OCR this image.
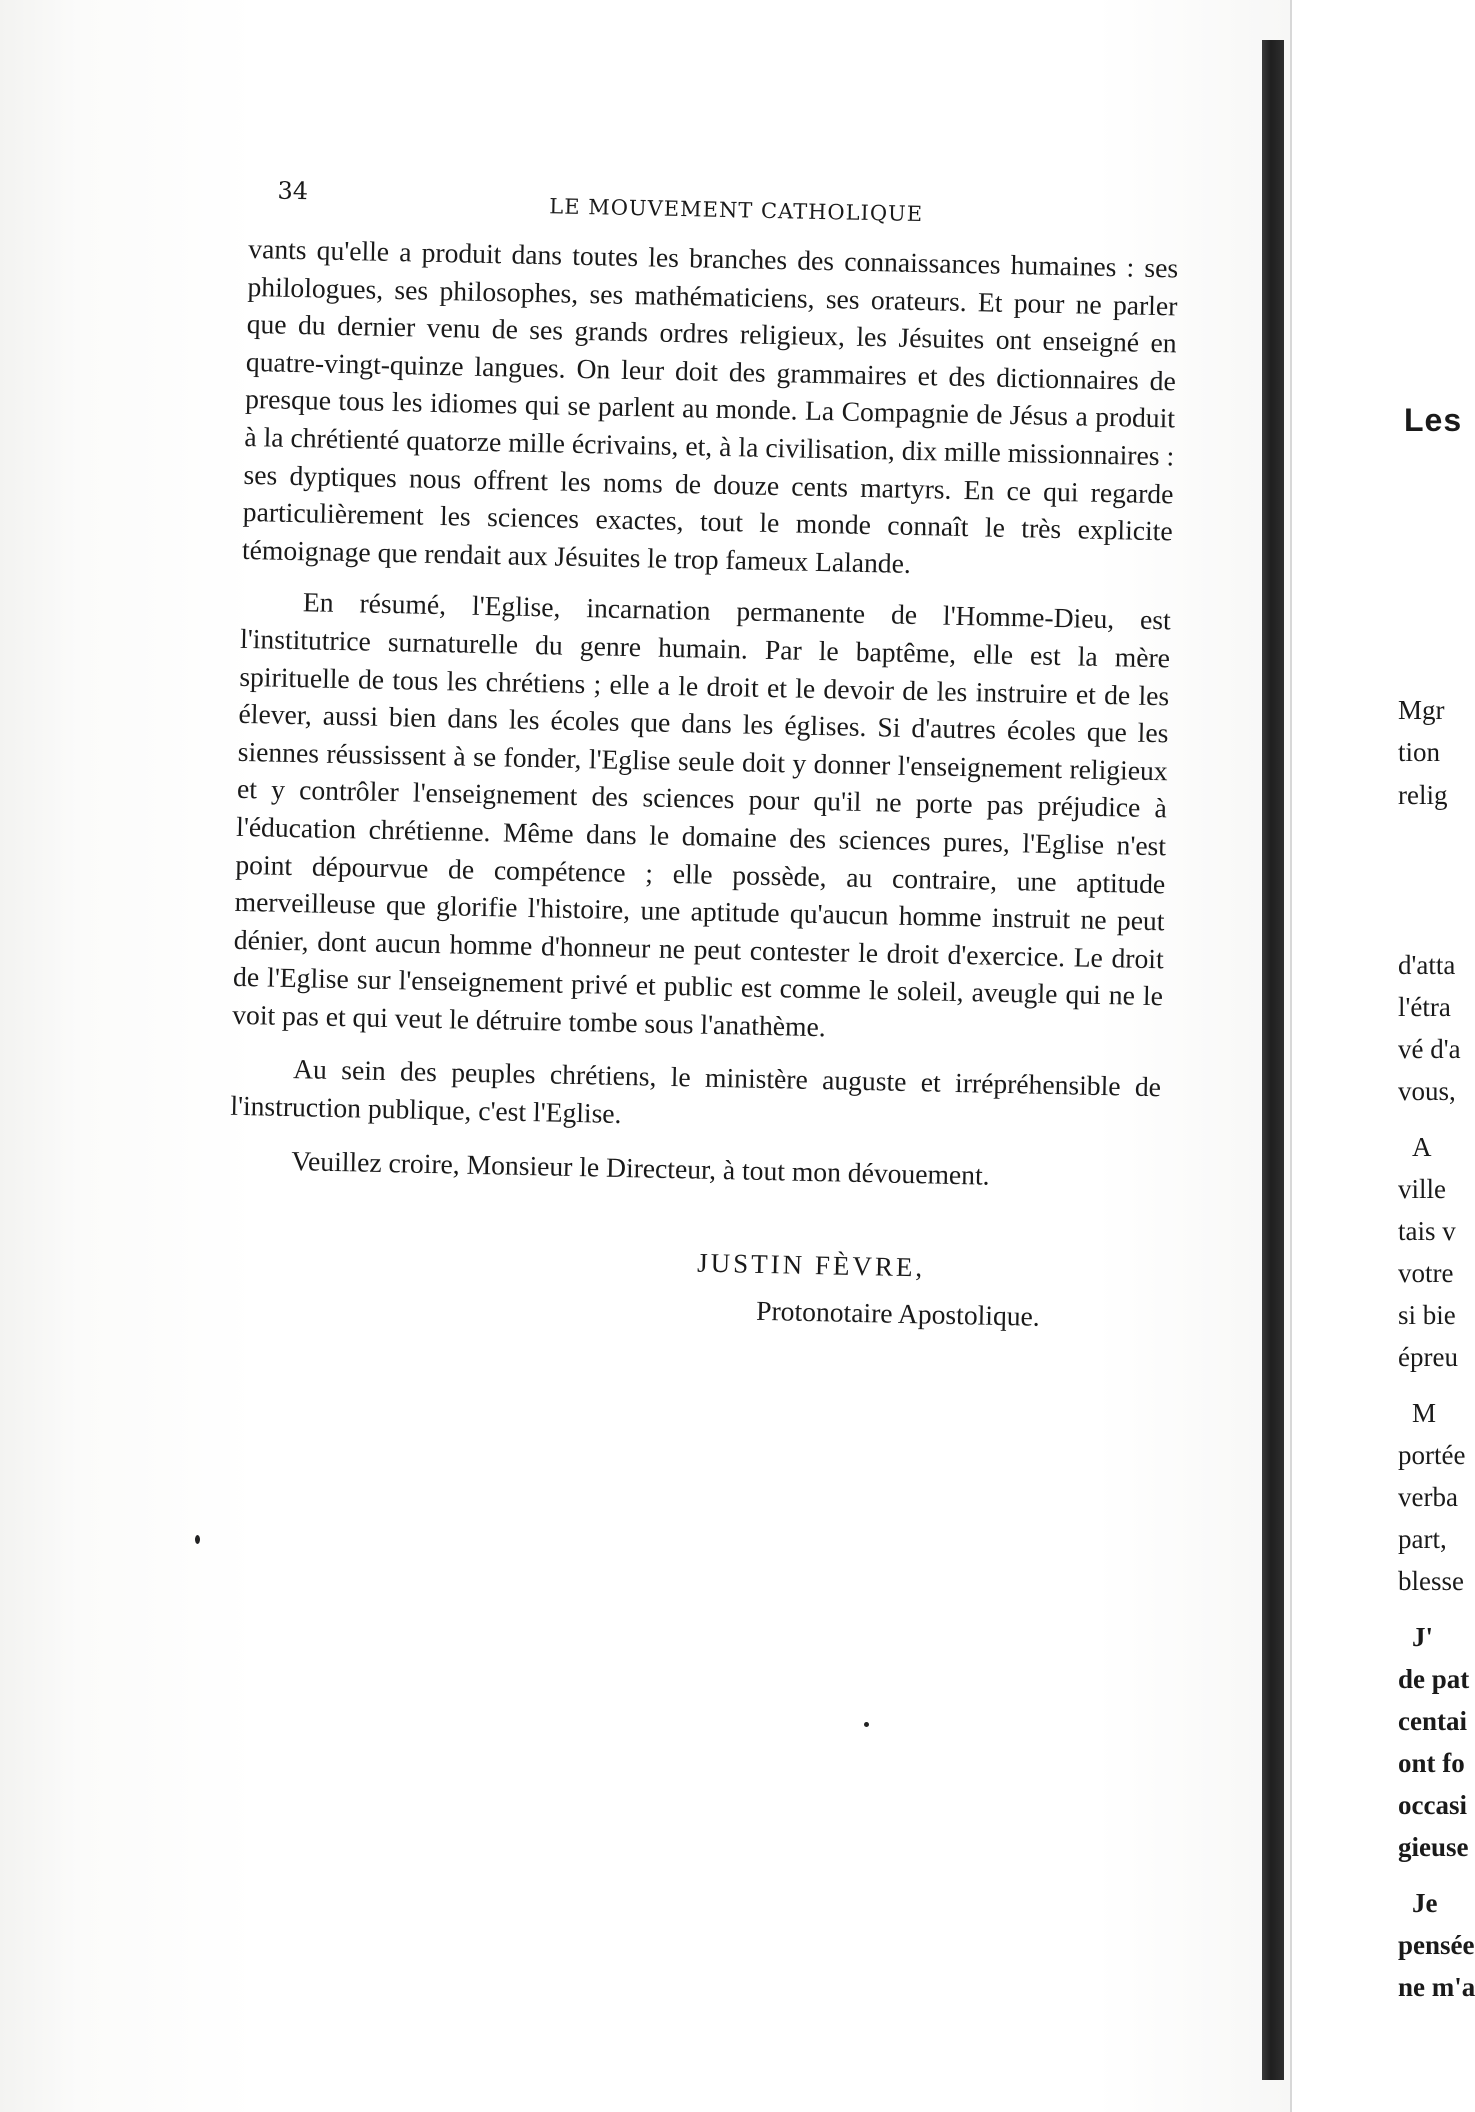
34
LE MOUVEMENT CATHOLIQUE

vants qu'elle a produit dans toutes les branches des connaissances humaines : ses philologues, ses philosophes, ses mathématiciens, ses orateurs. Et pour ne parler que du dernier venu de ses grands ordres religieux, les Jésuites ont enseigné en quatre-vingt-quinze langues. On leur doit des grammaires et des dictionnaires de presque tous les idiomes qui se parlent au monde. La Compagnie de Jésus a produit à la chrétienté quatorze mille écrivains, et, à la civilisation, dix mille missionnaires : ses dyptiques nous offrent les noms de douze cents martyrs. En ce qui regarde particulièrement les sciences exactes, tout le monde connaît le très explicite témoignage que rendait aux Jésuites le trop fameux Lalande.

En résumé, l'Eglise, incarnation permanente de l'Homme-Dieu, est l'institutrice surnaturelle du genre humain. Par le baptême, elle est la mère spirituelle de tous les chrétiens ; elle a le droit et le devoir de les instruire et de les élever, aussi bien dans les écoles que dans les églises. Si d'autres écoles que les siennes réussissent à se fonder, l'Eglise seule doit y donner l'enseignement religieux et y contrôler l'enseignement des sciences pour qu'il ne porte pas préjudice à l'éducation chrétienne. Même dans le domaine des sciences pures, l'Eglise n'est point dépourvue de compétence ; elle possède, au contraire, une aptitude merveilleuse que glorifie l'histoire, une aptitude qu'aucun homme instruit ne peut dénier, dont aucun homme d'honneur ne peut contester le droit d'exercice. Le droit de l'Eglise sur l'enseignement privé et public est comme le soleil, aveugle qui ne le voit pas et qui veut le détruire tombe sous l'anathème.

Au sein des peuples chrétiens, le ministère auguste et irrépréhensible de l'instruction publique, c'est l'Eglise.

Veuillez croire, Monsieur le Directeur, à tout mon dévouement.

JUSTIN FÈVRE,
Protonotaire Apostolique.
Les
Mgr
tion
relig
d'atta
l'étra
vé d'a
vous,
A
ville
tais v
votre
si bie
épreu
M
portée
verba
part,
blesse
J'
de pat
centai
ont fo
occasi
gieuse
Je
pensée
ne m'a
